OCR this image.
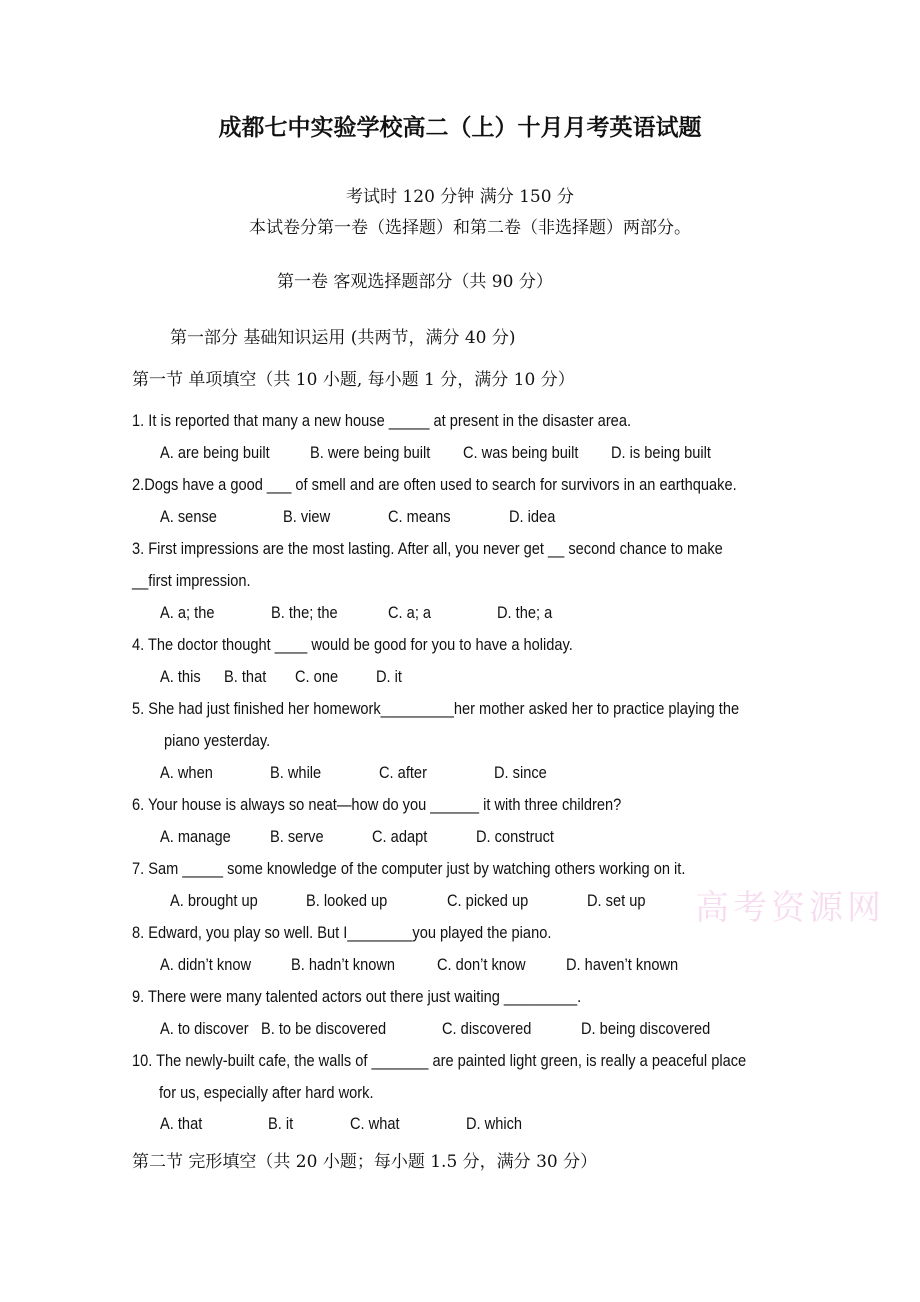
成都七中实验学校高二（上）十月月考英语试题
考试时 120 分钟 满分 150 分
本试卷分第一卷（选择题）和第二卷（非选择题）两部分。
第一卷 客观选择题部分（共 90 分）
第一部分 基础知识运用 (共两节，满分 40 分)
第一节 单项填空（共 10 小题, 每小题 1 分，满分 10 分）
1. It is reported that many a new house _____ at present in the disaster area.
A. are being built B. were being built C. was being built D. is being built
2.Dogs have a good ___ of smell and are often used to search for survivors in an earthquake.
A. sense	B. view	C. means	D. idea
3. First impressions are the most lasting. After all, you never get __ second chance to make
__first impression.
A. a; the	B. the; the	C. a; a	D. the; a
4. The doctor thought ____ would be good for you to have a holiday.
A. this B. that C. one D. it
5. She had just finished her homework_________her mother asked her to practice playing the
piano yesterday.
A. when	B. while	C. after	D. since
6. Your house is always so neat—how do you ______ it with three children?
A. manage B. serve	C. adapt	D. construct
7. Sam _____ some knowledge of the computer just by watching others working on it.
A. brought up	B. looked up	C. picked up	D. set up
8. Edward, you play so well. But I________you played the piano.
A. didn’t know B. hadn’t known C. don’t know D. haven’t known
9. There were many talented actors out there just waiting _________.
A. to discover B. to be discovered	C. discovered	D. being discovered
10. The newly-built cafe, the walls of _______ are painted light green, is really a peaceful place
for us, especially after hard work.
A. that	B. it	C. what	D. which
第二节 完形填空（共 20 小题；每小题 1.5 分，满分 30 分）
高考资源网
